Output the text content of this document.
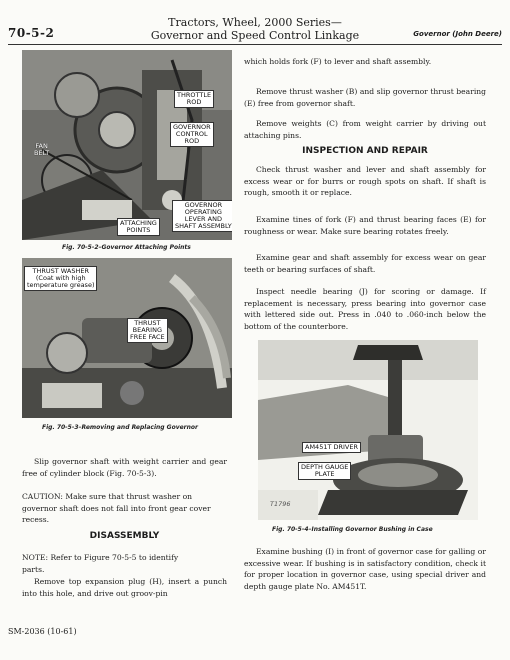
Tractors, Wheel, 2000 Series—
Governor and Speed Control Linkage
70-5-2	Governor (John Deere)
THROTTLE
ROD
GOVERNOR
CONTROL
ROD
FAN
BELT
GOVERNOR
OPERATING
LEVER AND
SHAFT ASSEMBLY
ATTACHING
POINTS
Fig. 70-5-2–Governor Attaching Points
THRUST WASHER
(Coat with high
temperature grease)
THRUST
BEARING
FREE FACE
Fig. 70-5-3–Removing and Replacing Governor
Slip governor shaft with weight carrier and gear free of cylinder block (Fig. 70-5-3).
CAUTION: Make sure that thrust washer on governor shaft does not fall into front gear cover recess.
DISASSEMBLY
NOTE: Refer to Figure 70-5-5 to identify parts.
Remove top expansion plug (H), insert a punch into this hole, and drive out groov-pin
which holds fork (F) to lever and shaft assembly.
Remove thrust washer (B) and slip governor thrust bearing (E) free from governor shaft.
Remove weights (C) from weight carrier by driving out attaching pins.
INSPECTION AND REPAIR
Check thrust washer and lever and shaft assembly for excess wear or for burrs or rough spots on shaft. If shaft is rough, smooth it or replace.
Examine tines of fork (F) and thrust bearing faces (E) for roughness or wear. Make sure bearing rotates freely.
Examine gear and shaft assembly for excess wear on gear teeth or bearing surfaces of shaft.
Inspect needle bearing (J) for scoring or damage. If replacement is necessary, press bearing into governor case with lettered side out. Press in .040 to .060-inch below the bottom of the counterbore.
AM451T DRIVER
DEPTH GAUGE
PLATE
T1796
Fig. 70-5-4–Installing Governor Bushing in Case
Examine bushing (I) in front of governor case for galling or excessive wear. If bushing is in satisfactory condition, check it for proper location in governor case, using special driver and depth gauge plate No. AM451T.
SM-2036 (10-61)
